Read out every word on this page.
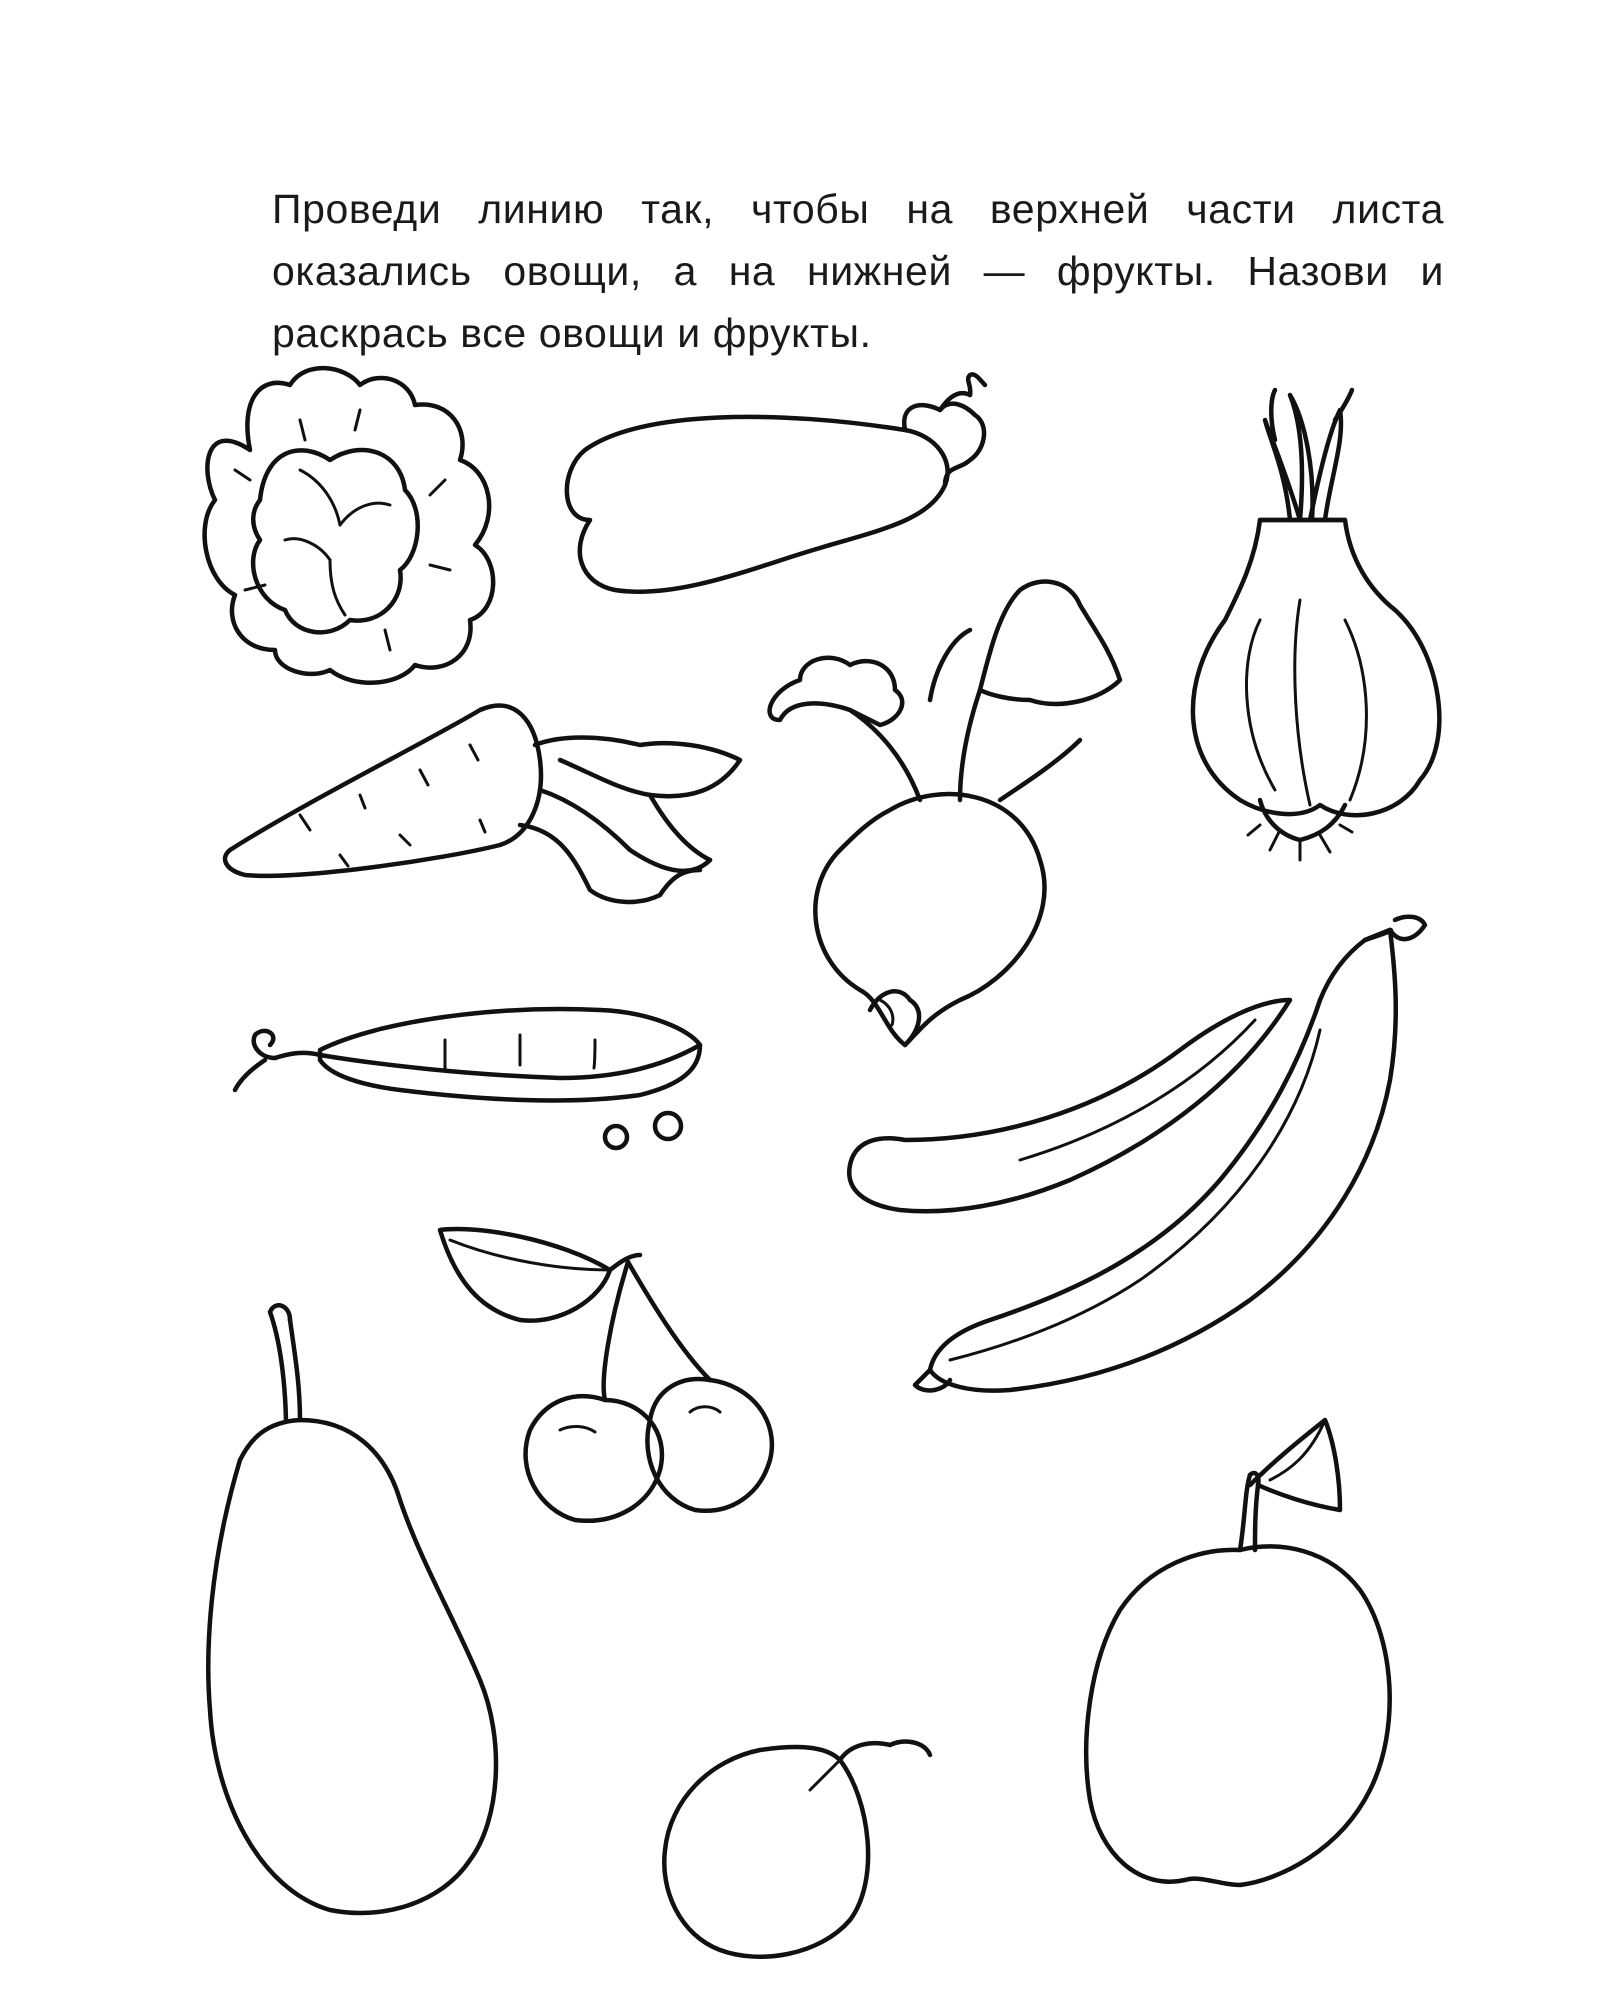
Проведи линию так, чтобы на верхней части листа оказались овощи, а на нижней — фрукты. Назови и раскрась все овощи и фрукты.
